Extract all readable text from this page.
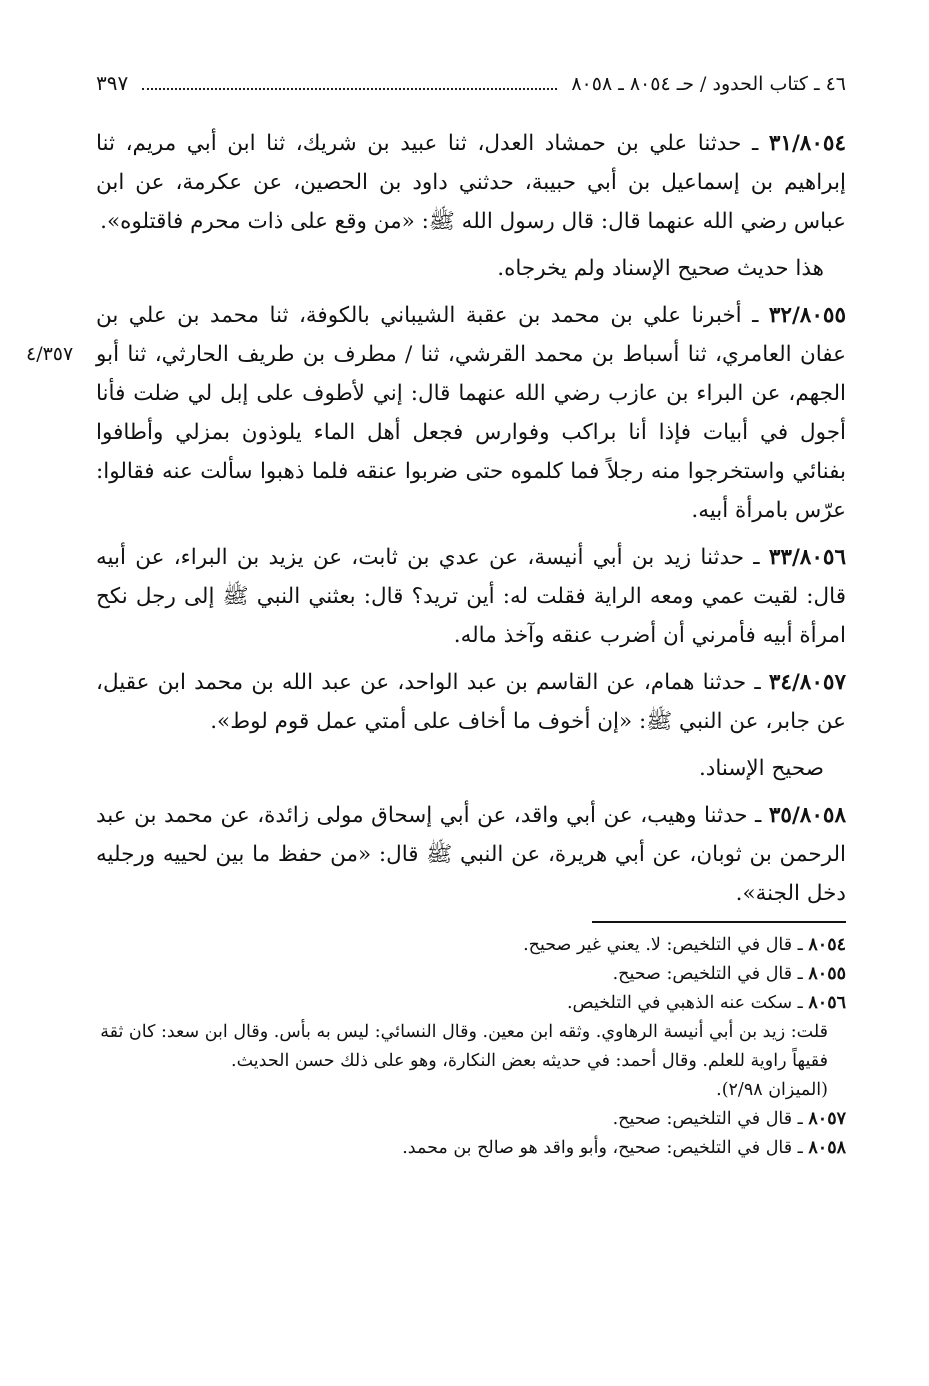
٤٦ ـ كتاب الحدود / حـ ٨٠٥٤ ـ ٨٠٥٨
٣٩٧

٣١/٨٠٥٤ ـ حدثنا علي بن حمشاد العدل، ثنا عبيد بن شريك، ثنا ابن أبي مريم، ثنا إبراهيم بن إسماعيل بن أبي حبيبة، حدثني داود بن الحصين، عن عكرمة، عن ابن عباس رضي الله عنهما قال: قال رسول الله ﷺ: «من وقع على ذات محرم فاقتلوه».

هذا حديث صحيح الإسناد ولم يخرجاه.

٤/٣٥٧
٣٢/٨٠٥٥ ـ أخبرنا علي بن محمد بن عقبة الشيباني بالكوفة، ثنا محمد بن علي بن عفان العامري، ثنا أسباط بن محمد القرشي، ثنا / مطرف بن طريف الحارثي، ثنا أبو الجهم، عن البراء بن عازب رضي الله عنهما قال: إني لأطوف على إبل لي ضلت فأنا أجول في أبيات فإذا أنا براكب وفوارس فجعل أهل الماء يلوذون بمزلي وأطافوا بفنائي واستخرجوا منه رجلاً فما كلموه حتى ضربوا عنقه فلما ذهبوا سألت عنه فقالوا: عرّس بامرأة أبيه.

٣٣/٨٠٥٦ ـ حدثنا زيد بن أبي أنيسة، عن عدي بن ثابت، عن يزيد بن البراء، عن أبيه قال: لقيت عمي ومعه الراية فقلت له: أين تريد؟ قال: بعثني النبي ﷺ إلى رجل نكح امرأة أبيه فأمرني أن أضرب عنقه وآخذ ماله.

٣٤/٨٠٥٧ ـ حدثنا همام، عن القاسم بن عبد الواحد، عن عبد الله بن محمد ابن عقيل، عن جابر، عن النبي ﷺ: «إن أخوف ما أخاف على أمتي عمل قوم لوط».

صحيح الإسناد.

٣٥/٨٠٥٨ ـ حدثنا وهيب، عن أبي واقد، عن أبي إسحاق مولى زائدة، عن محمد بن عبد الرحمن بن ثوبان، عن أبي هريرة، عن النبي ﷺ قال: «من حفظ ما بين لحييه ورجليه دخل الجنة».

٨٠٥٤ ـ قال في التلخيص: لا. يعني غير صحيح.

٨٠٥٥ ـ قال في التلخيص: صحيح.

٨٠٥٦ ـ سكت عنه الذهبي في التلخيص.

قلت: زيد بن أبي أنيسة الرهاوي. وثقه ابن معين. وقال النسائي: ليس به بأس. وقال ابن سعد: كان ثقة فقيهاً راوية للعلم. وقال أحمد: في حديثه بعض النكارة، وهو على ذلك حسن الحديث.

(الميزان ٢/٩٨).

٨٠٥٧ ـ قال في التلخيص: صحيح.

٨٠٥٨ ـ قال في التلخيص: صحيح، وأبو واقد هو صالح بن محمد.
